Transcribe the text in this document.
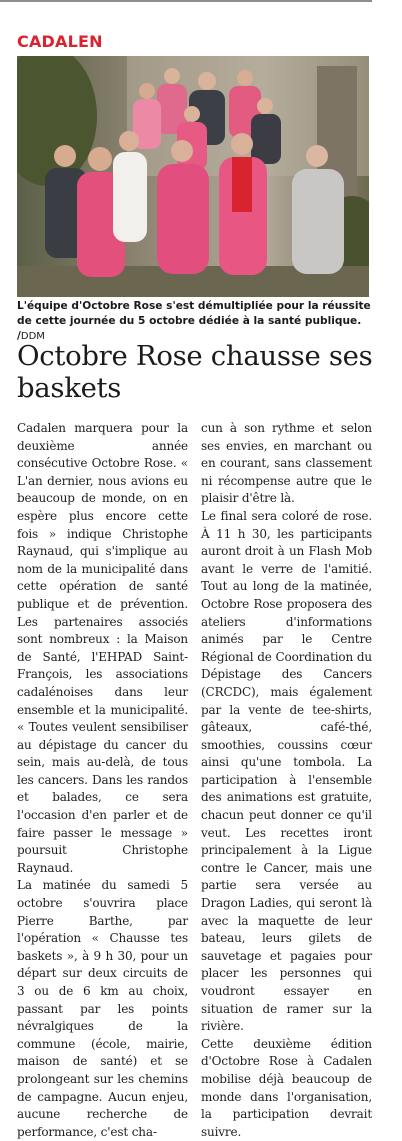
CADALEN
L'équipe d'Octobre Rose s'est démultipliée pour la réussite de cette journée du 5 octobre dédiée à la santé publique. /DDM
Octobre Rose chausse ses baskets

Cadalen marquera pour la deuxième année consécutive Octobre Rose. « L'an dernier, nous avions eu beaucoup de monde, on en espère plus encore cette fois » indique Christophe Raynaud, qui s'implique au nom de la municipalité dans cette opération de santé publique et de prévention. Les partenaires associés sont nombreux : la Maison de Santé, l'EHPAD Saint-François, les associations cadalénoises dans leur ensemble et la municipalité. « Toutes veulent sensibiliser au dépistage du cancer du sein, mais au-delà, de tous les cancers. Dans les randos et balades, ce sera l'occasion d'en parler et de faire passer le message » poursuit Christophe Raynaud.

La matinée du samedi 5 octobre s'ouvrira place Pierre Barthe, par l'opération « Chausse tes baskets », à 9 h 30, pour un départ sur deux circuits de 3 ou de 6 km au choix, passant par les points névralgiques de la commune (école, mairie, maison de santé) et se prolongeant sur les chemins de campagne. Aucun enjeu, aucune recherche de performance, c'est cha-

cun à son rythme et selon ses envies, en marchant ou en courant, sans classement ni récompense autre que le plaisir d'être là.

Le final sera coloré de rose. À 11 h 30, les participants auront droit à un Flash Mob avant le verre de l'amitié. Tout au long de la matinée, Octobre Rose proposera des ateliers d'informations animés par le Centre Régional de Coordination du Dépistage des Cancers (CRCDC), mais également par la vente de tee-shirts, gâteaux, café-thé, smoothies, coussins cœur ainsi qu'une tombola. La participation à l'ensemble des animations est gratuite, chacun peut donner ce qu'il veut. Les recettes iront principalement à la Ligue contre le Cancer, mais une partie sera versée au Dragon Ladies, qui seront là avec la maquette de leur bateau, leurs gilets de sauvetage et pagaies pour placer les personnes qui voudront essayer en situation de ramer sur la rivière.

Cette deuxième édition d'Octobre Rose à Cadalen mobilise déjà beaucoup de monde dans l'organisation, la participation devrait suivre.
